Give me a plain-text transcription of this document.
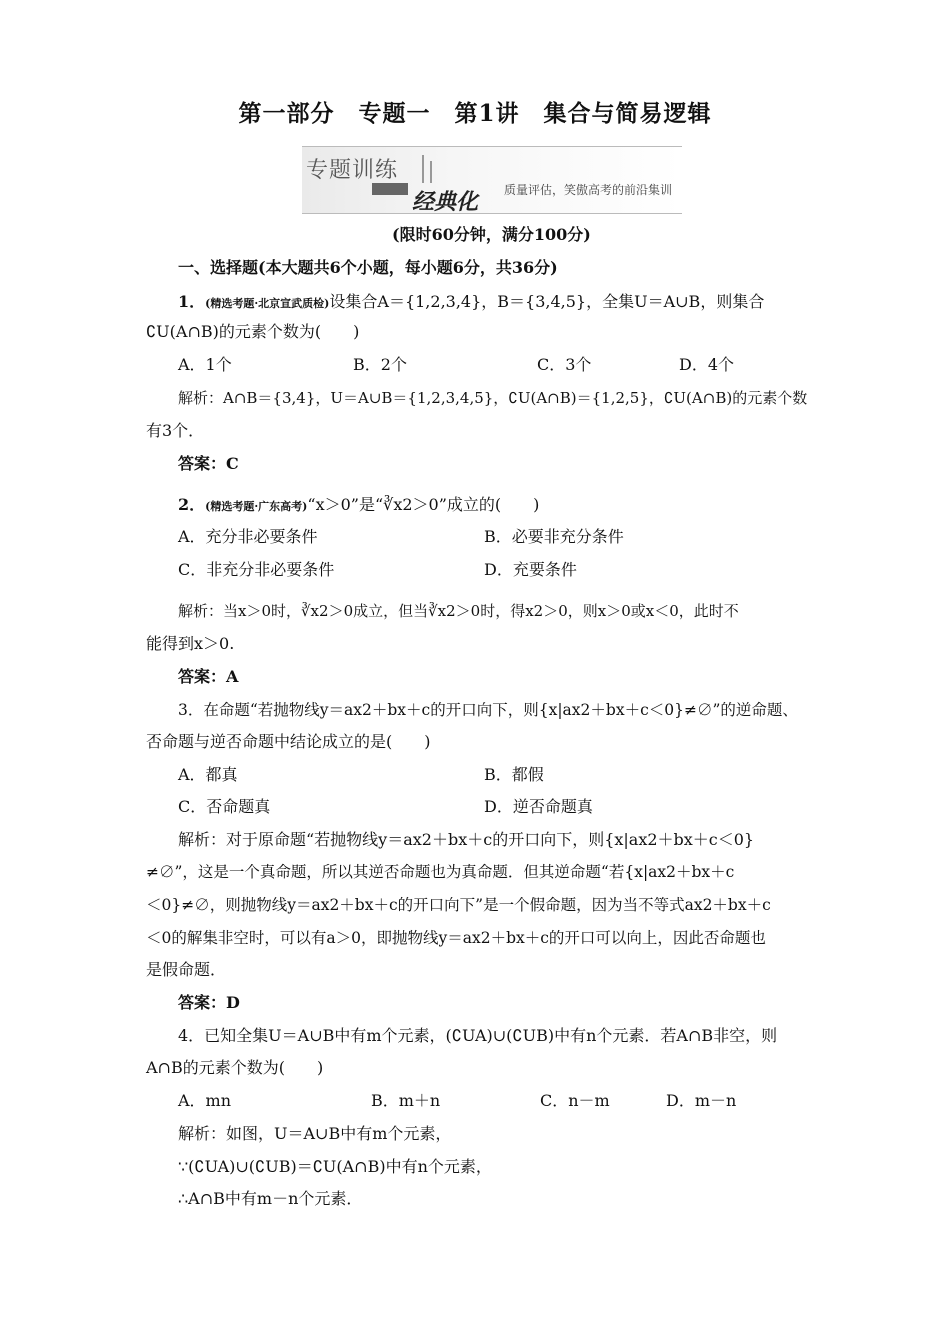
第一部分　专题一　第1讲　集合与简易逻辑
专题训练
经典化 质量评估，笑傲高考的前沿集训
(限时60分钟，满分100分)
一、选择题(本大题共6个小题，每小题6分，共36分)
1．(精选考题·北京宣武质检)设集合A＝{1,2,3,4}，B＝{3,4,5}，全集U＝A∪B，则集合
∁U(A∩B)的元素个数为(　　)
A．1个	B．2个	C．3个	D．4个
解析：A∩B＝{3,4}，U＝A∪B＝{1,2,3,4,5}，∁U(A∩B)＝{1,2,5}，∁U(A∩B)的元素个数
有3个．
答案：C
2．(精选考题·广东高考)“x＞0”是“∛x2＞0”成立的(　　)
A．充分非必要条件	B．必要非充分条件
C．非充分非必要条件	D．充要条件
解析：当x＞0时，∛x2＞0成立，但当∛x2＞0时，得x2＞0，则x＞0或x＜0，此时不
能得到x＞0.
答案：A
3．在命题“若抛物线y＝ax2＋bx＋c的开口向下，则{x|ax2＋bx＋c＜0}≠∅”的逆命题、
否命题与逆否命题中结论成立的是(　　)
A．都真	B．都假
C．否命题真	D．逆否命题真
解析：对于原命题“若抛物线y＝ax2＋bx＋c的开口向下，则{x|ax2＋bx＋c＜0}
≠∅”，这是一个真命题，所以其逆否命题也为真命题．但其逆命题“若{x|ax2＋bx＋c
＜0}≠∅，则抛物线y＝ax2＋bx＋c的开口向下”是一个假命题，因为当不等式ax2＋bx＋c
＜0的解集非空时，可以有a＞0，即抛物线y＝ax2＋bx＋c的开口可以向上，因此否命题也
是假命题．
答案：D
4．已知全集U＝A∪B中有m个元素，(∁UA)∪(∁UB)中有n个元素．若A∩B非空，则
A∩B的元素个数为(　　)
A．mn	B．m＋n	C．n－m	D．m－n
解析：如图，U＝A∪B中有m个元素，
∵(∁UA)∪(∁UB)＝∁U(A∩B)中有n个元素，
∴A∩B中有m－n个元素．
